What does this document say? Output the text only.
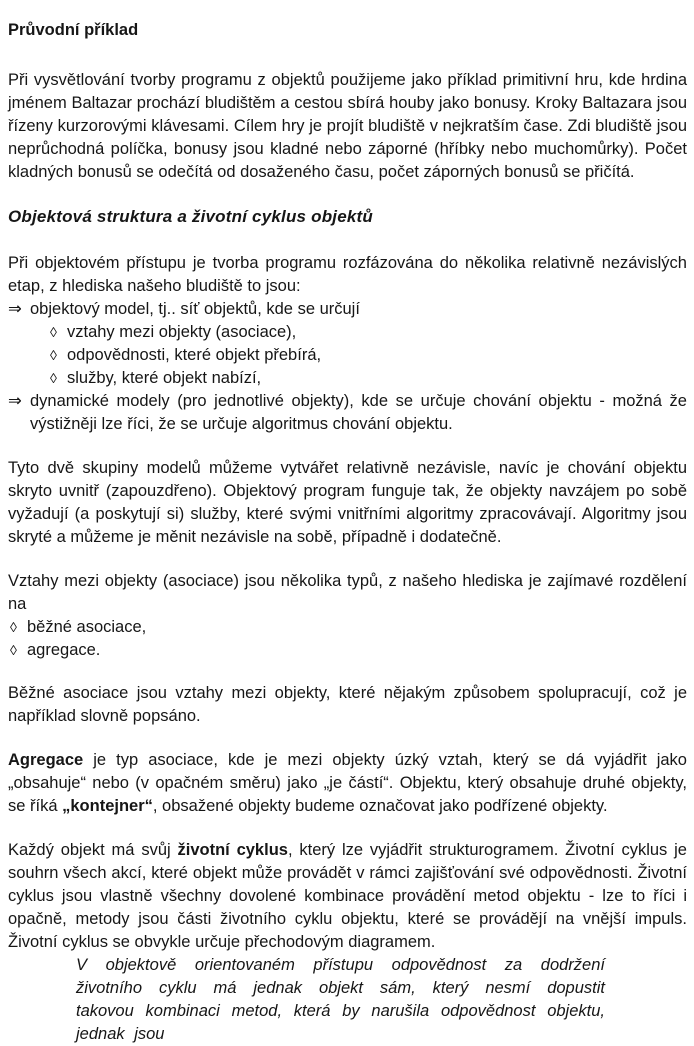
Průvodní příklad

Při vysvětlování tvorby programu z objektů použijeme jako příklad primitivní hru, kde hrdina jménem Baltazar prochází bludištěm a cestou sbírá houby jako bonusy. Kroky Baltazara jsou řízeny kurzorovými klávesami. Cílem hry je projít bludiště v nejkratším čase. Zdi bludiště jsou neprůchodná políčka, bonusy jsou kladné nebo záporné (hříbky nebo muchomůrky). Počet kladných bonusů se odečítá od dosaženého času, počet záporných bonusů se přičítá.

Objektová struktura a životní cyklus objektů

Při objektovém přístupu je tvorba programu rozfázována do několika relativně nezávislých etap, z hlediska našeho bludiště to jsou:

⇒ objektový model, tj.. síť objektů, kde se určují
◊ vztahy mezi objekty (asociace),
◊ odpovědnosti, které objekt přebírá,
◊ služby, které objekt nabízí,
⇒ dynamické modely (pro jednotlivé objekty), kde se určuje chování objektu - možná že výstižněji lze říci, že se určuje algoritmus chování objektu.

Tyto dvě skupiny modelů můžeme vytvářet relativně nezávisle, navíc je chování objektu skryto uvnitř (zapouzdřeno). Objektový program funguje tak, že objekty navzájem po sobě vyžadují (a poskytují si) služby, které svými vnitřními algoritmy zpracovávají. Algoritmy jsou skryté a můžeme je měnit nezávisle na sobě, případně i dodatečně.

Vztahy mezi objekty (asociace) jsou několika typů, z našeho hlediska je zajímavé rozdělení na

◊ běžné asociace,
◊ agregace.

Běžné asociace jsou vztahy mezi objekty, které nějakým způsobem spolupracují, což je například slovně popsáno.

Agregace je typ asociace, kde je mezi objekty úzký vztah, který se dá vyjádřit jako „obsahuje“ nebo (v opačném směru) jako „je částí“. Objektu, který obsahuje druhé objekty, se říká „kontejner“, obsažené objekty budeme označovat jako podřízené objekty.

Každý objekt má svůj životní cyklus, který lze vyjádřit strukturogramem. Životní cyklus je souhrn všech akcí, které objekt může provádět v rámci zajišťování své odpovědnosti. Životní cyklus jsou vlastně všechny dovolené kombinace provádění metod objektu - lze to říci i opačně, metody jsou části životního cyklu objektu, které se provádějí na vnější impuls. Životní cyklus se obvykle určuje přechodovým diagramem.

V objektově orientovaném přístupu odpovědnost za dodržení životního cyklu má jednak objekt sám, který nesmí dopustit takovou kombinaci metod, která by narušila odpovědnost objektu, jednak jsou
